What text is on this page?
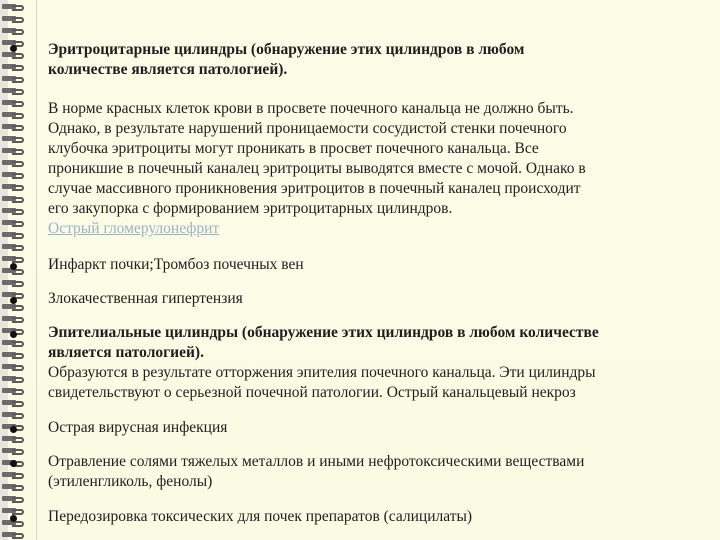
Эритроцитарные цилиндры (обнаружение этих цилиндров в любом
количестве является патологией).
В норме красных клеток крови в просвете почечного канальца не должно быть.
Однако, в результате нарушений проницаемости сосудистой стенки почечного
клубочка эритроциты могут проникать в просвет почечного канальца. Все
проникшие в почечный каналец эритроциты выводятся вместе с мочой. Однако в
случае массивного проникновения эритроцитов в почечный каналец происходит
его закупорка с формированием эритроцитарных цилиндров.
Острый гломерулонефрит
Инфаркт почки;Тромбоз почечных вен
Злокачественная гипертензия
Эпителиальные цилиндры (обнаружение этих цилиндров в любом количестве
является патологией).
Образуются в результате отторжения эпителия почечного канальца. Эти цилиндры
свидетельствуют о серьезной почечной патологии. Острый канальцевый некроз
Острая вирусная инфекция
Отравление солями тяжелых металлов и иными нефротоксическими веществами
(этиленгликоль, фенолы)
Передозировка токсических для почек препаратов (салицилаты)
